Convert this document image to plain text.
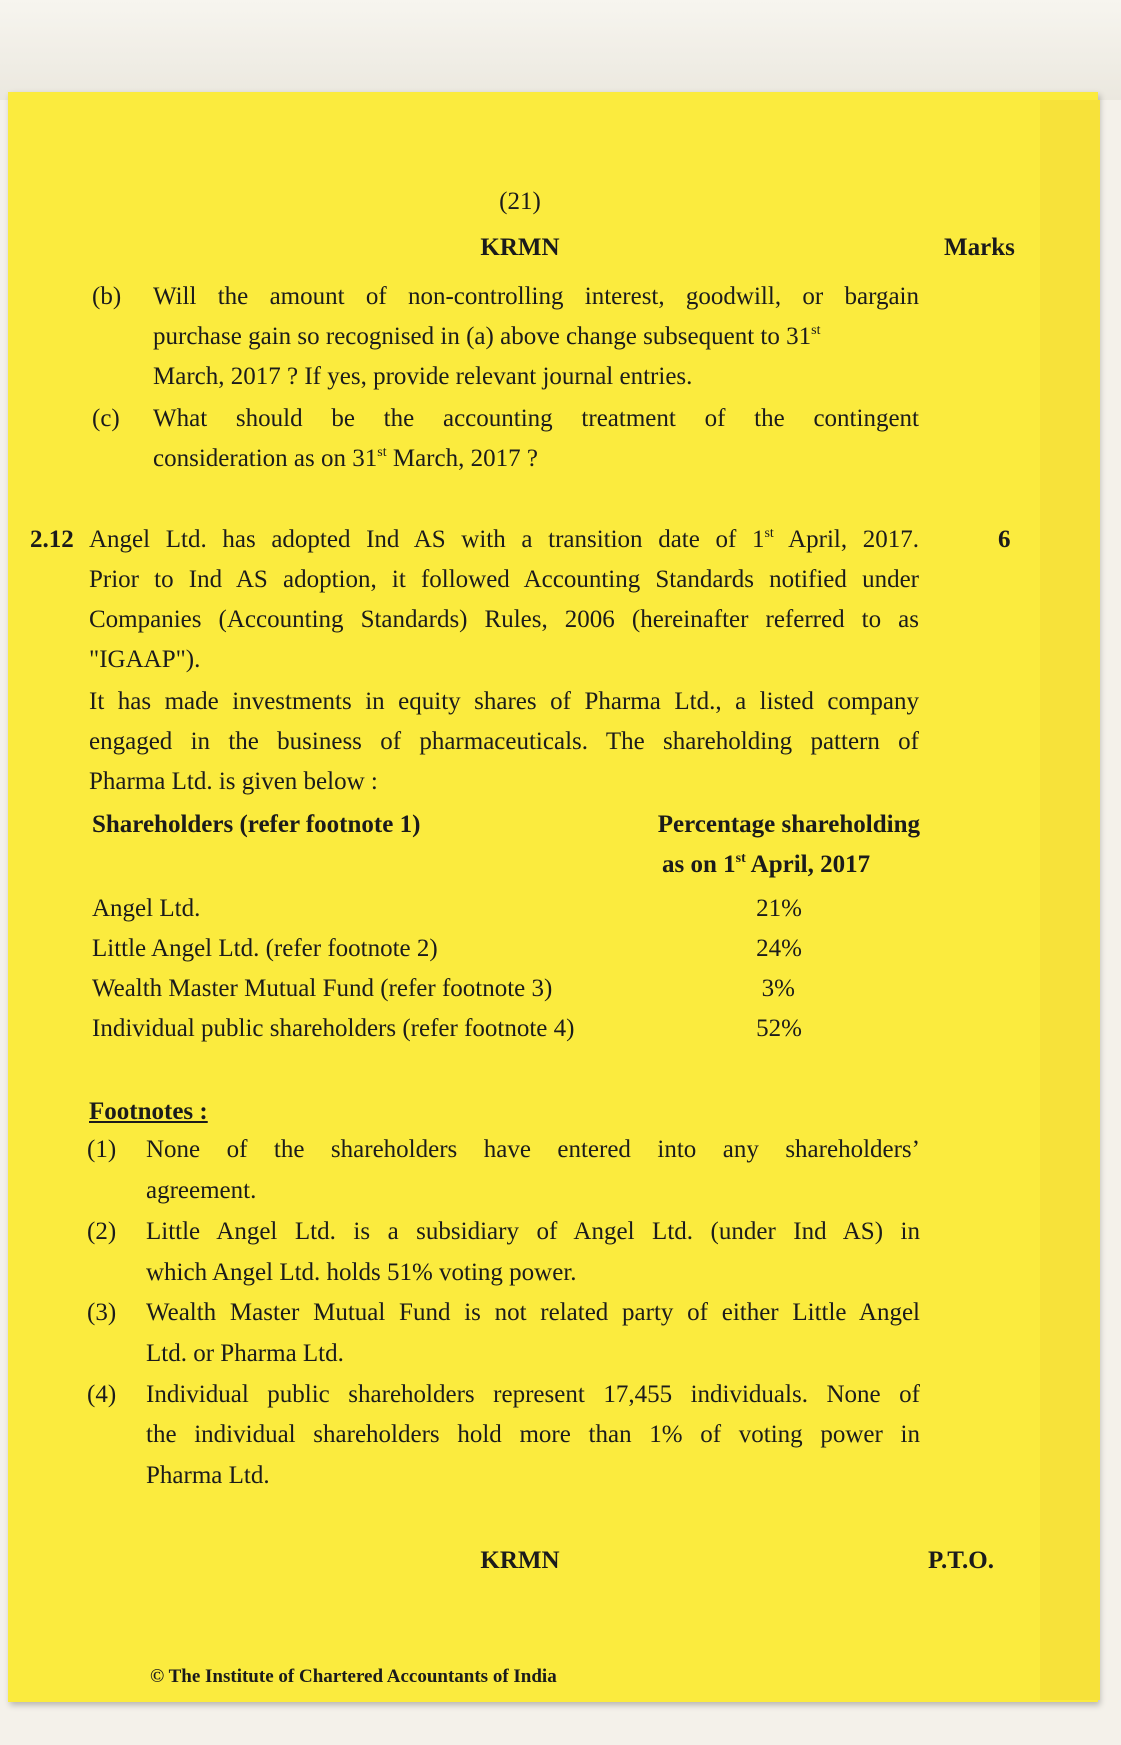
(21)
KRMN	Marks
(b) Will the amount of non-controlling interest, goodwill, or bargain
purchase gain so recognised in (a) above change subsequent to 31st
March, 2017 ? If yes, provide relevant journal entries.
(c) What should be the accounting treatment of the contingent
consideration as on 31st March, 2017 ?
2.12	6
Angel Ltd. has adopted Ind AS with a transition date of 1st April, 2017.
Prior to Ind AS adoption, it followed Accounting Standards notified under
Companies (Accounting Standards) Rules, 2006 (hereinafter referred to as
"IGAAP").
It has made investments in equity shares of Pharma Ltd., a listed company
engaged in the business of pharmaceuticals. The shareholding pattern of
Pharma Ltd. is given below :
Shareholders (refer footnote 1)	Percentage shareholding
as on 1st April, 2017
Angel Ltd.	21%
Little Angel Ltd. (refer footnote 2)	24%
Wealth Master Mutual Fund (refer footnote 3)	3%
Individual public shareholders (refer footnote 4)	52%
Footnotes :
(1) None of the shareholders have entered into any shareholders’
agreement.
(2) Little Angel Ltd. is a subsidiary of Angel Ltd. (under Ind AS) in
which Angel Ltd. holds 51% voting power.
(3) Wealth Master Mutual Fund is not related party of either Little Angel
Ltd. or Pharma Ltd.
(4) Individual public shareholders represent 17,455 individuals. None of
the individual shareholders hold more than 1% of voting power in
Pharma Ltd.
KRMN	P.T.O.
© The Institute of Chartered Accountants of India
